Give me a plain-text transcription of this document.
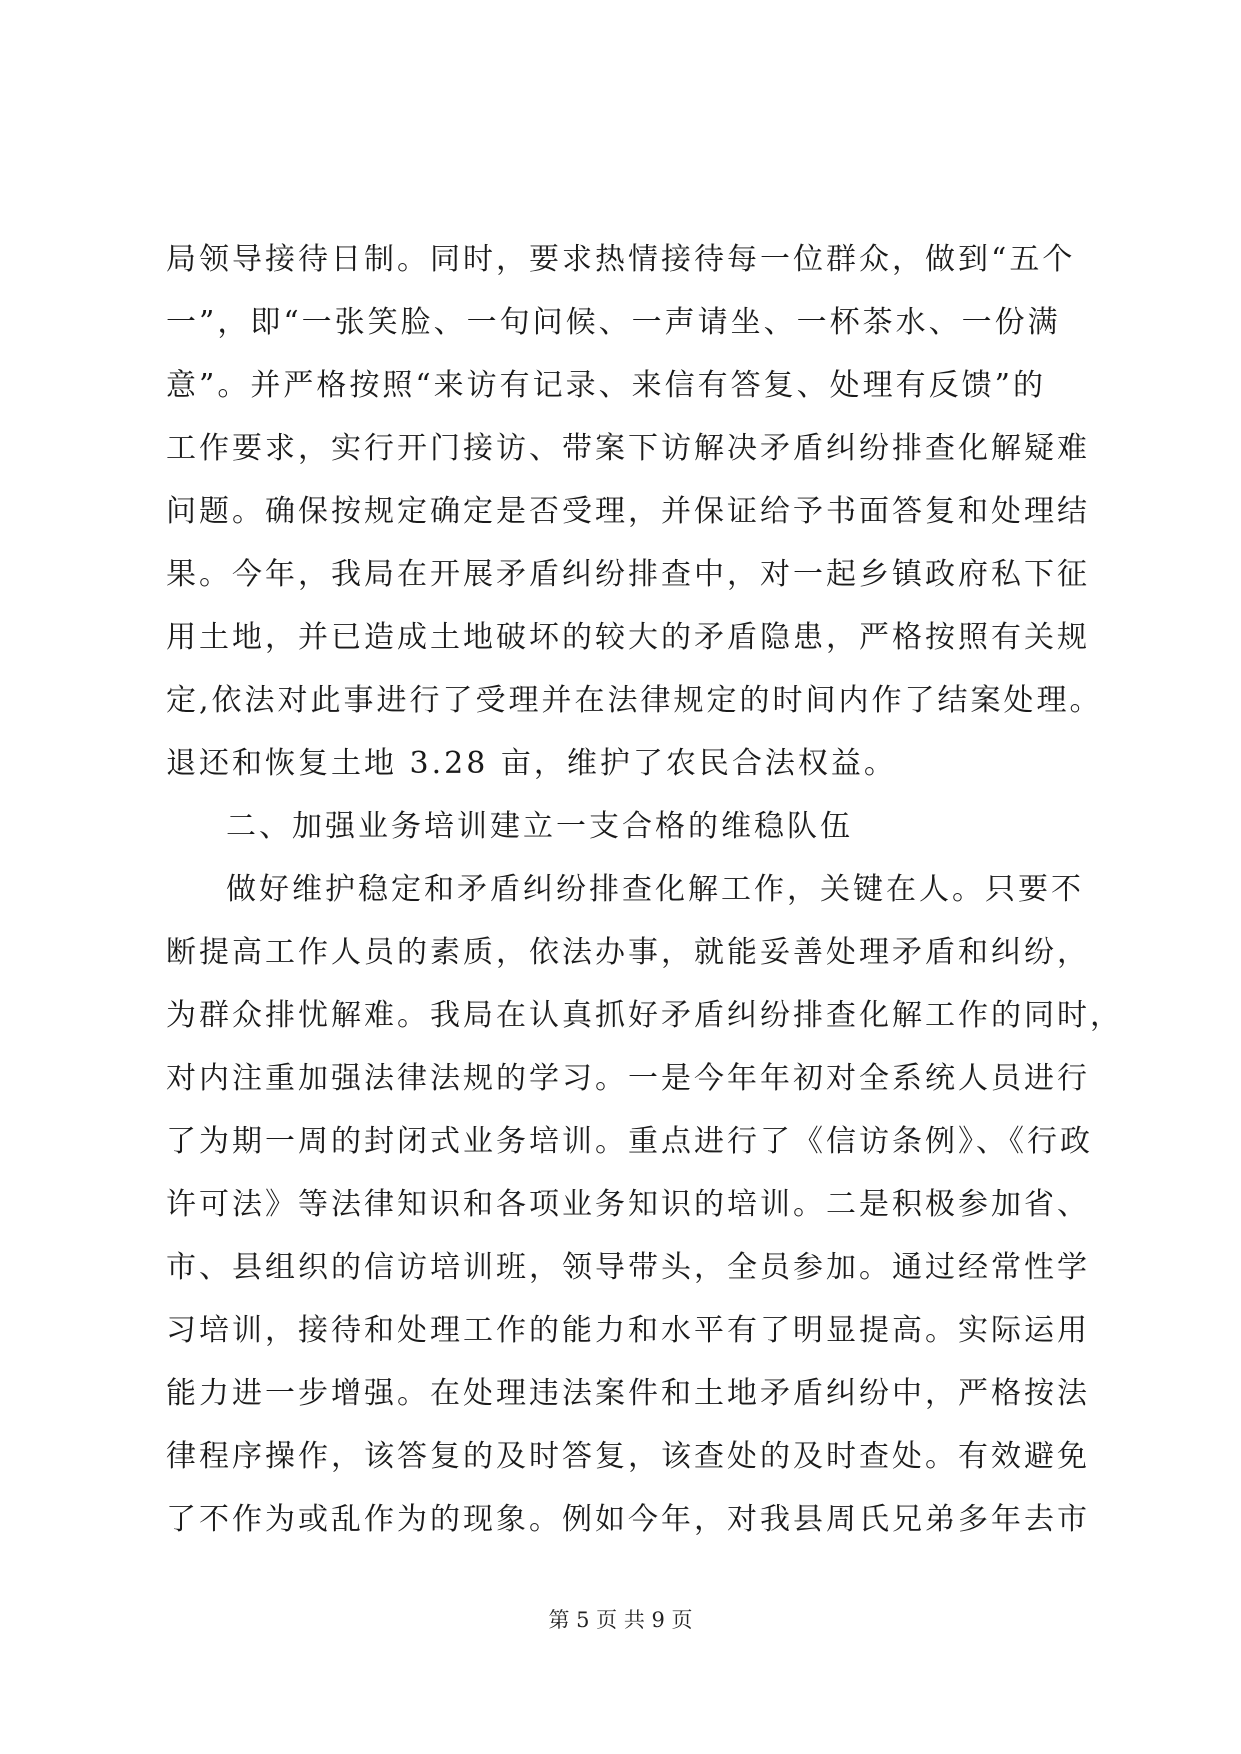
局领导接待日制。同时，要求热情接待每一位群众，做到“五个
一”，即“一张笑脸、一句问候、一声请坐、一杯茶水、一份满
意”。并严格按照“来访有记录、来信有答复、处理有反馈”的
工作要求，实行开门接访、带案下访解决矛盾纠纷排查化解疑难
问题。确保按规定确定是否受理，并保证给予书面答复和处理结
果。今年，我局在开展矛盾纠纷排查中，对一起乡镇政府私下征
用土地，并已造成土地破坏的较大的矛盾隐患，严格按照有关规
定,依法对此事进行了受理并在法律规定的时间内作了结案处理。
退还和恢复土地 3.28 亩，维护了农民合法权益。
二、加强业务培训建立一支合格的维稳队伍
做好维护稳定和矛盾纠纷排查化解工作，关键在人。只要不
断提高工作人员的素质，依法办事，就能妥善处理矛盾和纠纷，
为群众排忧解难。我局在认真抓好矛盾纠纷排查化解工作的同时，
对内注重加强法律法规的学习。一是今年年初对全系统人员进行
了为期一周的封闭式业务培训。重点进行了《信访条例》、《行政
许可法》等法律知识和各项业务知识的培训。二是积极参加省、
市、县组织的信访培训班，领导带头，全员参加。通过经常性学
习培训，接待和处理工作的能力和水平有了明显提高。实际运用
能力进一步增强。在处理违法案件和土地矛盾纠纷中，严格按法
律程序操作，该答复的及时答复，该查处的及时查处。有效避免
了不作为或乱作为的现象。例如今年，对我县周氏兄弟多年去市
第 5 页 共 9 页
